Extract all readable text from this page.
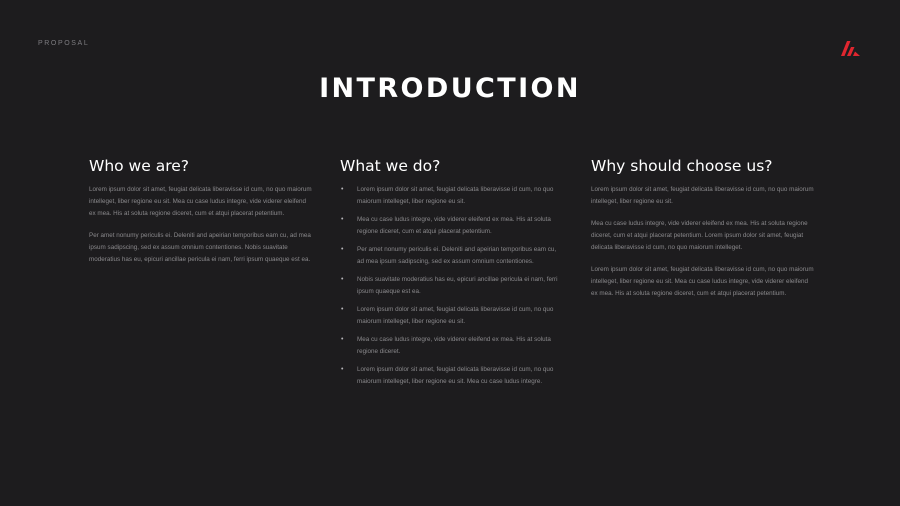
PROPOSAL
INTRODUCTION
Who we are?

Lorem ipsum dolor sit amet, feugiat delicata liberavisse id cum, no quo maiorum intelleget, liber regione eu sit. Mea cu case ludus integre, vide viderer eleifend ex mea. His at soluta regione diceret, cum et atqui placerat petentium.

Per amet nonumy periculis ei. Deleniti and apeirian temporibus eam cu, ad mea ipsum sadipscing, sed ex assum omnium contentiones. Nobis suavitate moderatius has eu, epicuri ancillae pericula ei nam, ferri ipsum quaeque est ea.

What we do?
• Lorem ipsum dolor sit amet, feugiat delicata liberavisse id cum, no quo maiorum intelleget, liber regione eu sit.
• Mea cu case ludus integre, vide viderer eleifend ex mea. His at soluta regione diceret, cum et atqui placerat petentium.
• Per amet nonumy periculis ei. Deleniti and apeirian temporibus eam cu, ad mea ipsum sadipscing, sed ex assum omnium contentiones.
• Nobis suavitate moderatius has eu, epicuri ancillae pericula ei nam, ferri ipsum quaeque est ea.
• Lorem ipsum dolor sit amet, feugiat delicata liberavisse id cum, no quo maiorum intelleget, liber regione eu sit.
• Mea cu case ludus integre, vide viderer eleifend ex mea. His at soluta regione diceret.
• Lorem ipsum dolor sit amet, feugiat delicata liberavisse id cum, no quo maiorum intelleget, liber regione eu sit. Mea cu case ludus integre.
Why should choose us?

Lorem ipsum dolor sit amet, feugiat delicata liberavisse id cum, no quo maiorum intelleget, liber regione eu sit.

Mea cu case ludus integre, vide viderer eleifend ex mea. His at soluta regione diceret, cum et atqui placerat petentium. Lorem ipsum dolor sit amet, feugiat delicata liberavisse id cum, no quo maiorum intelleget.

Lorem ipsum dolor sit amet, feugiat delicata liberavisse id cum, no quo maiorum intelleget, liber regione eu sit. Mea cu case ludus integre, vide viderer eleifend ex mea. His at soluta regione diceret, cum et atqui placerat petentium.
